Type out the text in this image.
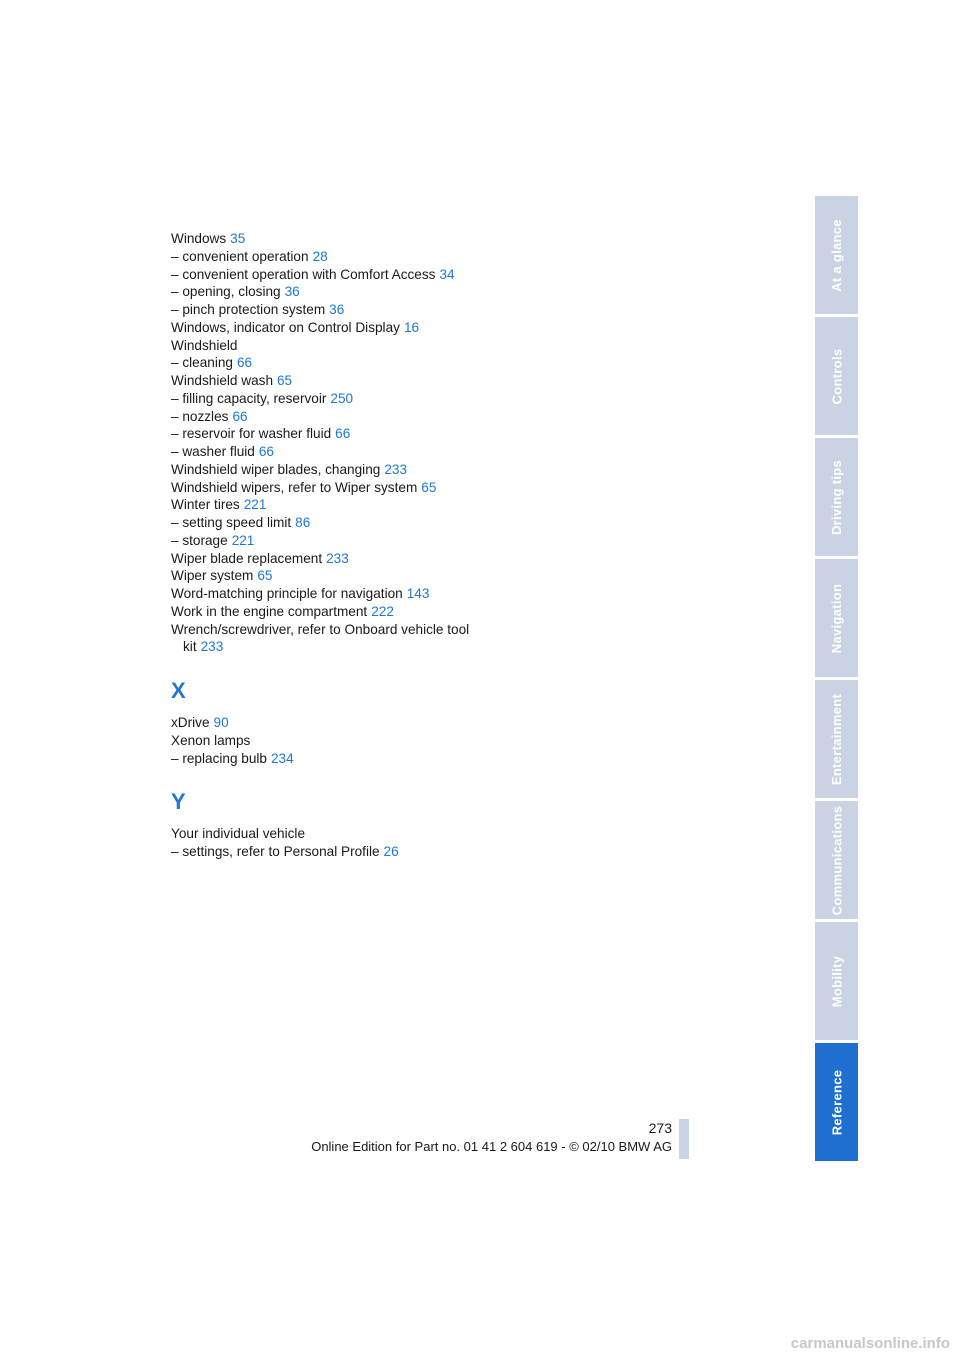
Windows 35
– convenient operation 28
– convenient operation with Comfort Access 34
– opening, closing 36
– pinch protection system 36
Windows, indicator on Control Display 16
Windshield
– cleaning 66
Windshield wash 65
– filling capacity, reservoir 250
– nozzles 66
– reservoir for washer fluid 66
– washer fluid 66
Windshield wiper blades, changing 233
Windshield wipers, refer to Wiper system 65
Winter tires 221
– setting speed limit 86
– storage 221
Wiper blade replacement 233
Wiper system 65
Word-matching principle for navigation 143
Work in the engine compartment 222
Wrench/screwdriver, refer to Onboard vehicle tool kit 233
X
xDrive 90
Xenon lamps
– replacing bulb 234
Y
Your individual vehicle
– settings, refer to Personal Profile 26
At a glance
Controls
Driving tips
Navigation
Entertainment
Communications
Mobility
Reference
273
Online Edition for Part no. 01 41 2 604 619 - © 02/10 BMW AG
carmanualsonline.info
